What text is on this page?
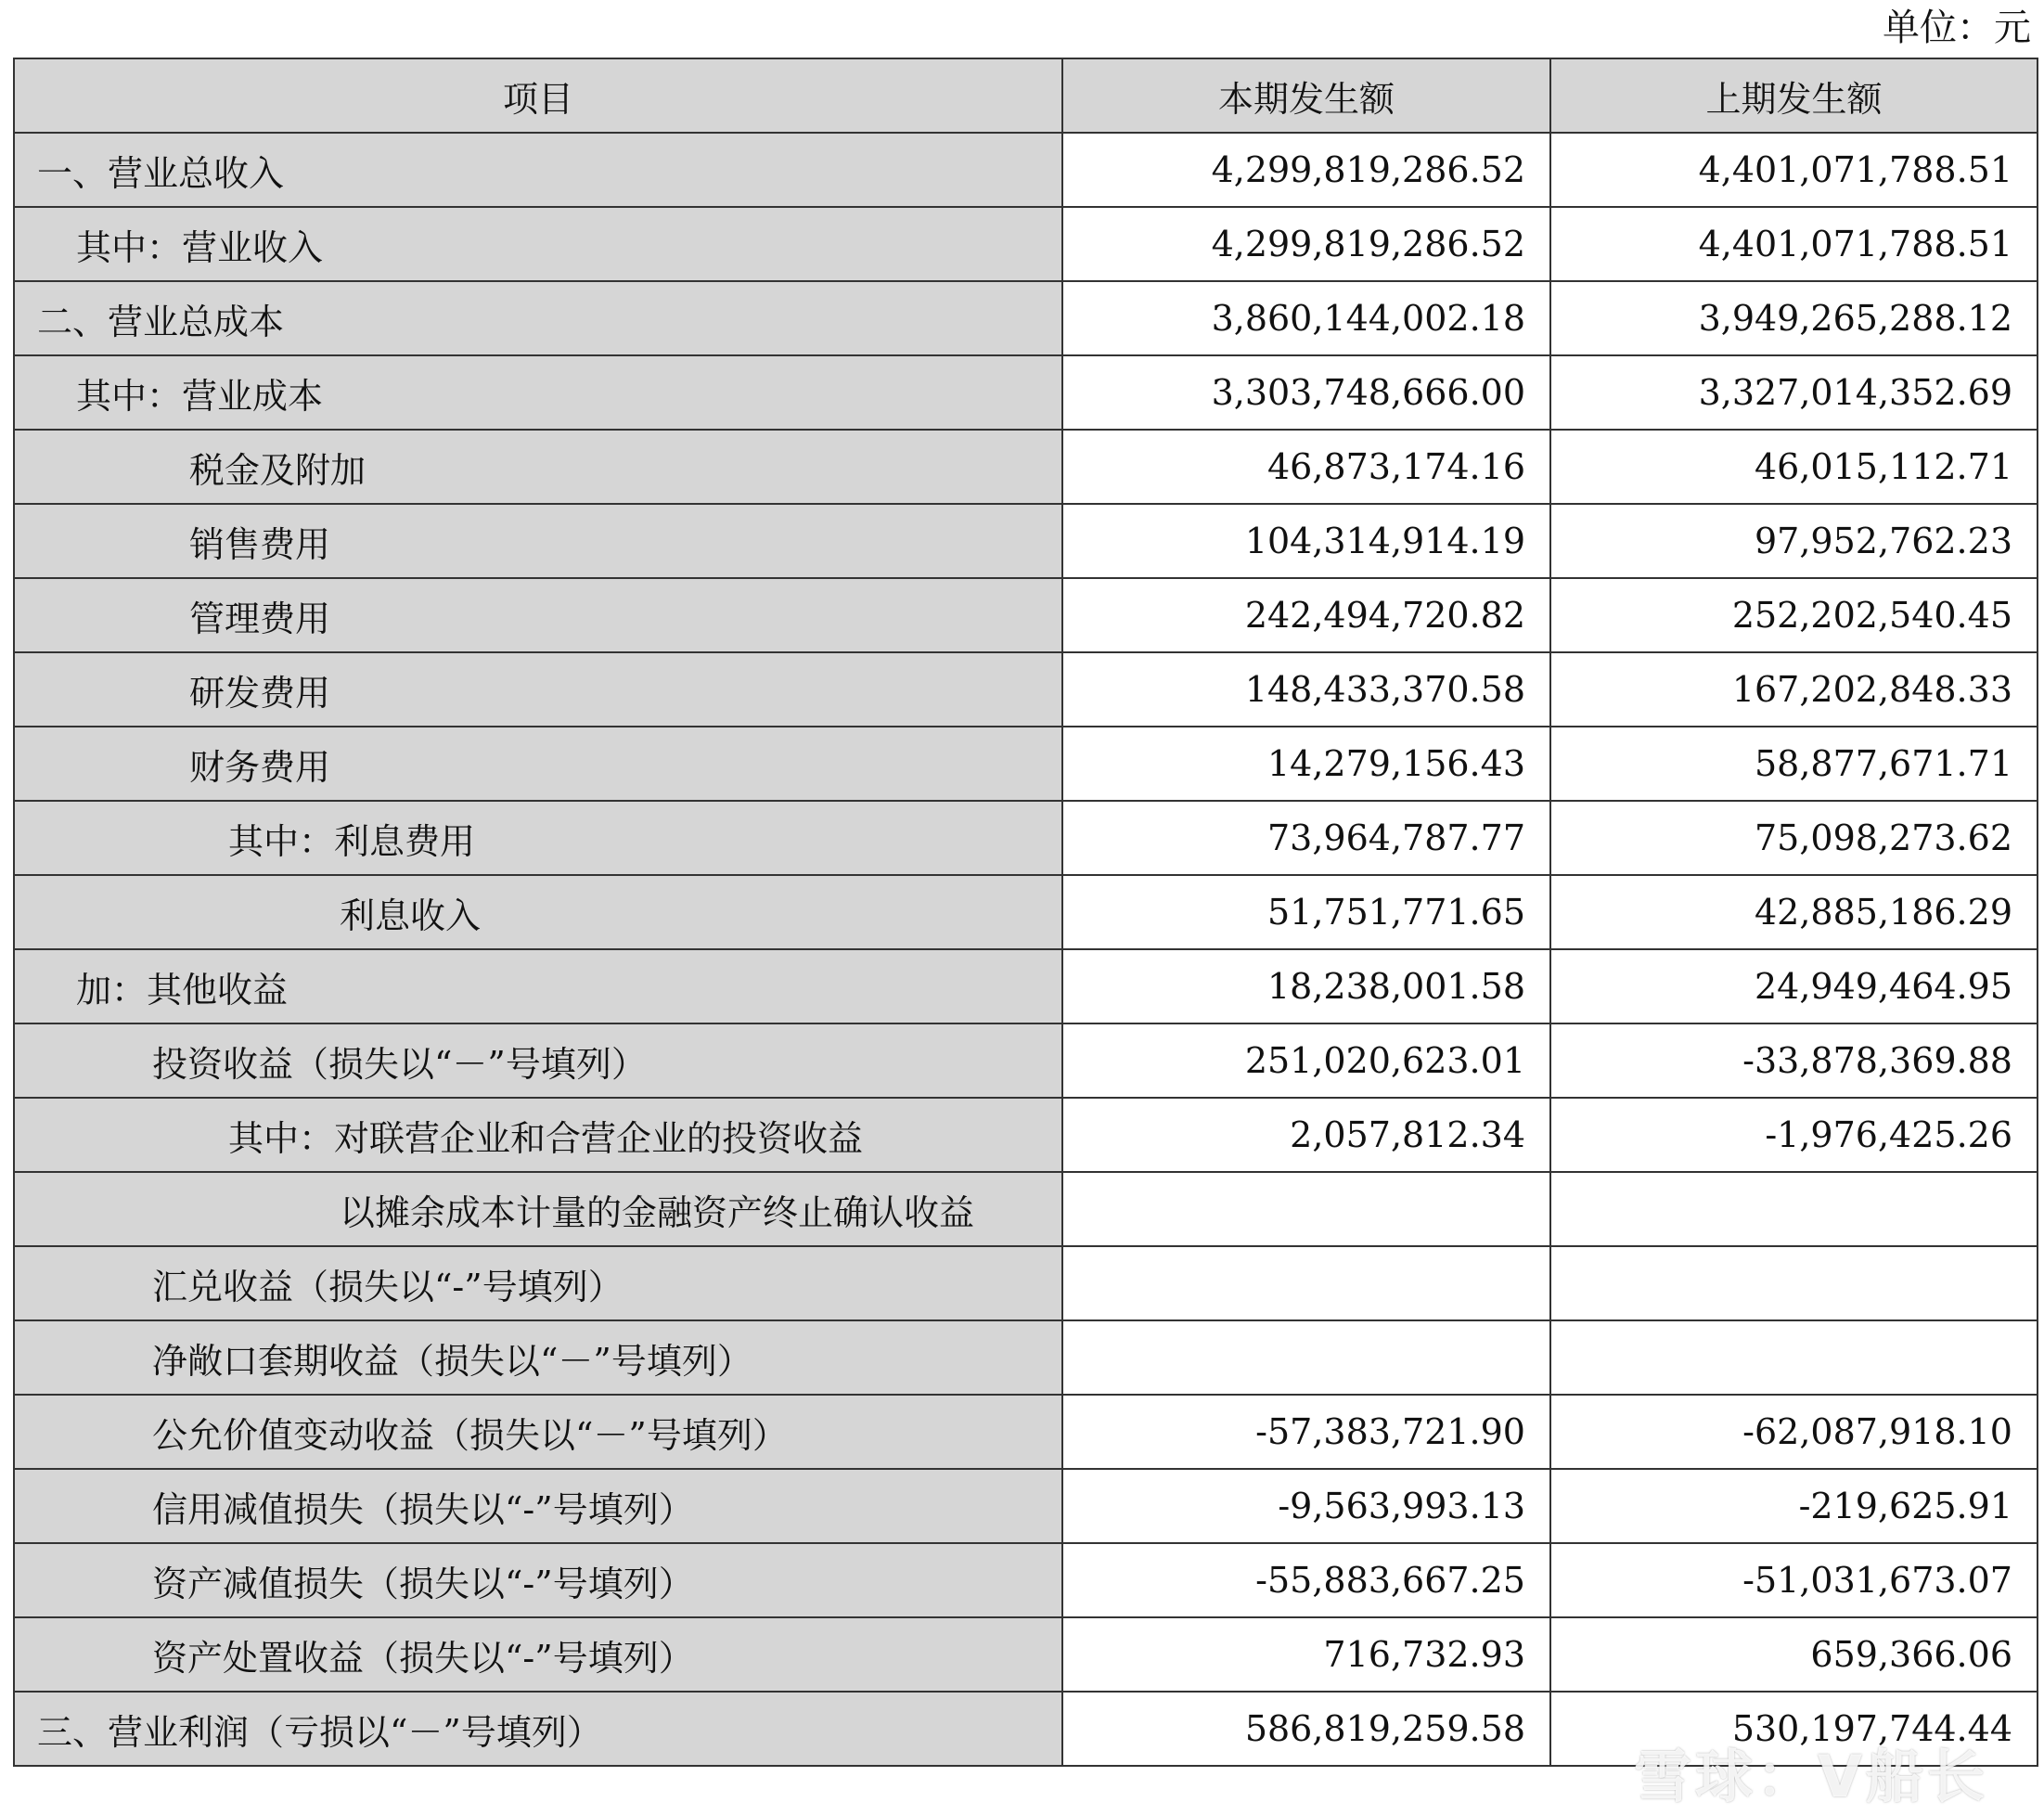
单位：元
项目	本期发生额	上期发生额
一、营业总收入	4,299,819,286.52	4,401,071,788.51
其中：营业收入	4,299,819,286.52	4,401,071,788.51
二、营业总成本	3,860,144,002.18	3,949,265,288.12
其中：营业成本	3,303,748,666.00	3,327,014,352.69
税金及附加	46,873,174.16	46,015,112.71
销售费用	104,314,914.19	97,952,762.23
管理费用	242,494,720.82	252,202,540.45
研发费用	148,433,370.58	167,202,848.33
财务费用	14,279,156.43	58,877,671.71
其中：利息费用	73,964,787.77	75,098,273.62
利息收入	51,751,771.65	42,885,186.29
加：其他收益	18,238,001.58	24,949,464.95
投资收益（损失以“－”号填列）	251,020,623.01	-33,878,369.88
其中：对联营企业和合营企业的投资收益	2,057,812.34	-1,976,425.26
以摊余成本计量的金融资产终止确认收益		
汇兑收益（损失以“-”号填列）		
净敞口套期收益（损失以“－”号填列）		
公允价值变动收益（损失以“－”号填列）	-57,383,721.90	-62,087,918.10
信用减值损失（损失以“-”号填列）	-9,563,993.13	-219,625.91
资产减值损失（损失以“-”号填列）	-55,883,667.25	-51,031,673.07
资产处置收益（损失以“-”号填列）	716,732.93	659,366.06
三、营业利润（亏损以“－”号填列）	586,819,259.58	530,197,744.44
雪球：V船长
